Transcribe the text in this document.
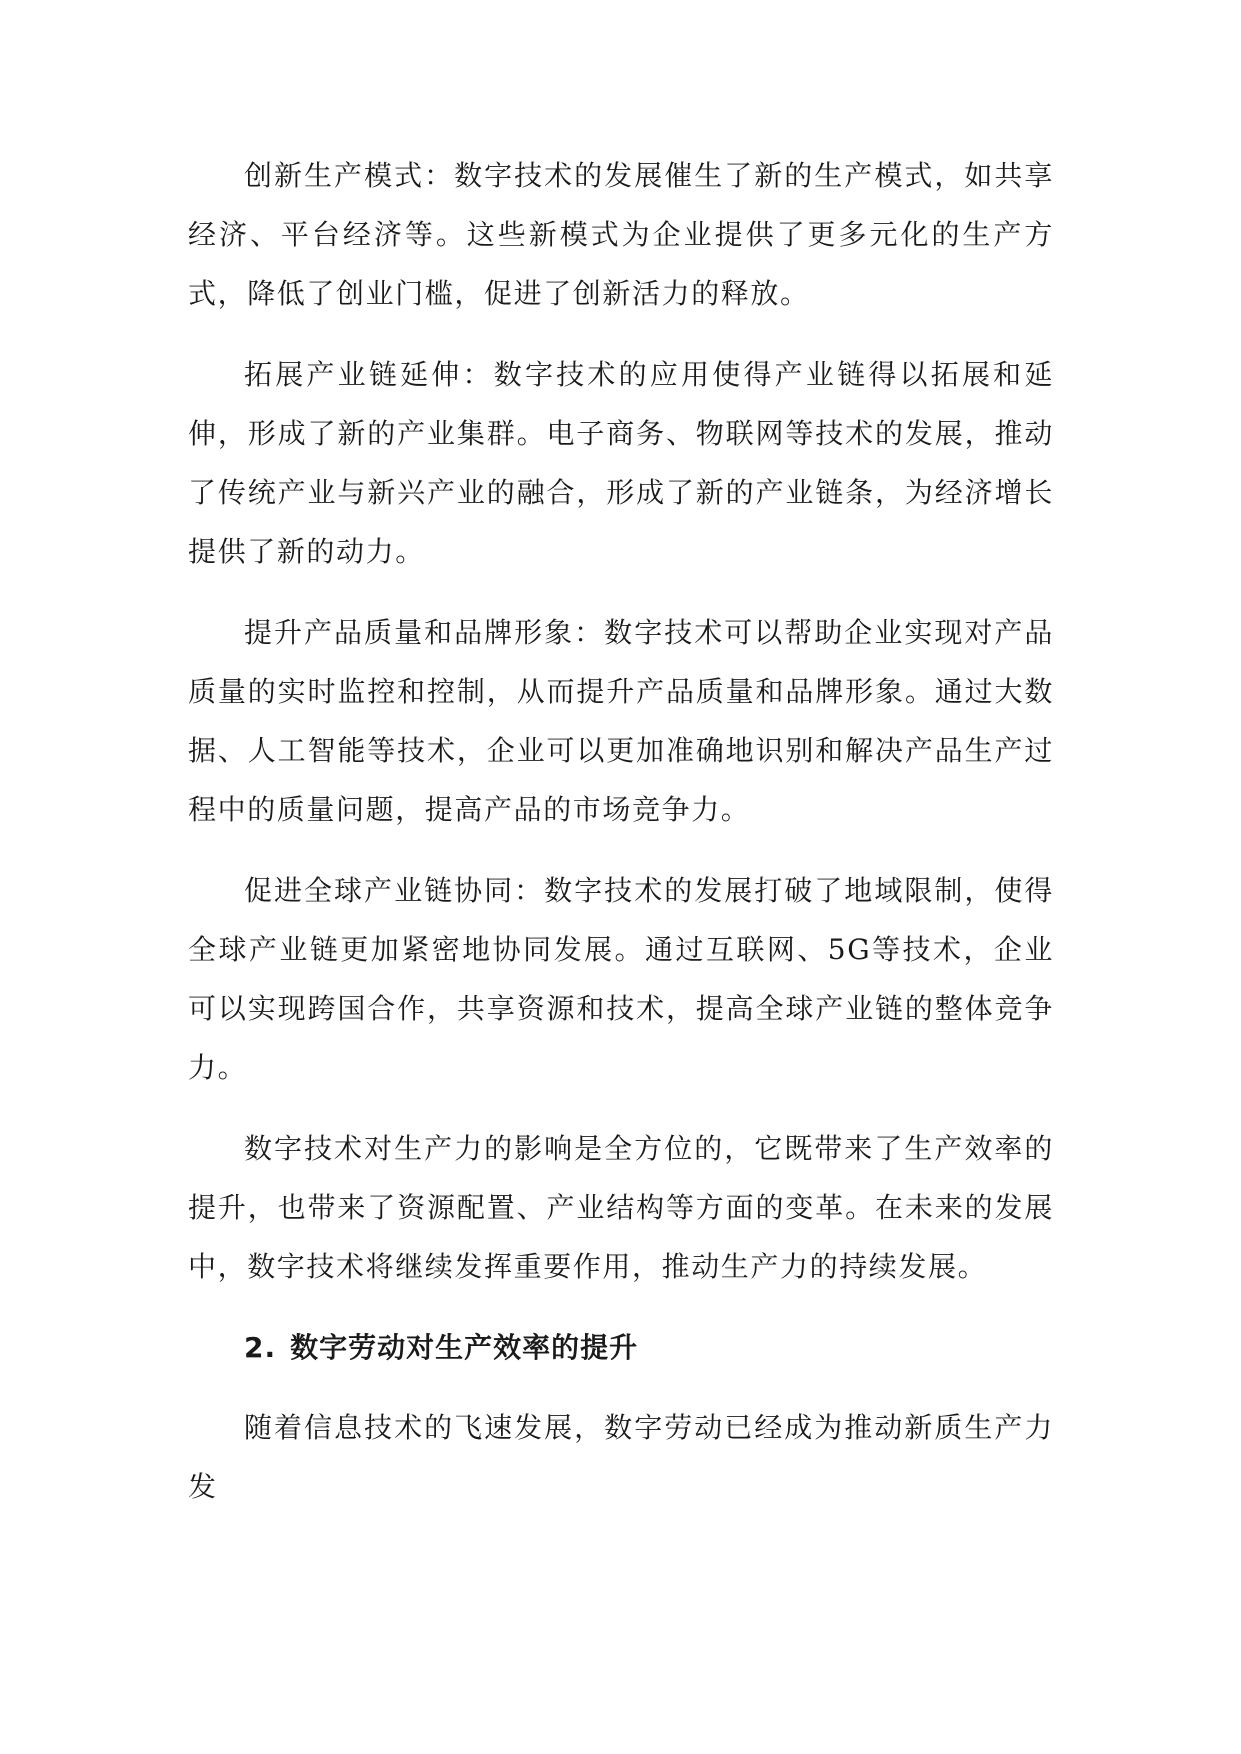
创新生产模式：数字技术的发展催生了新的生产模式，如共享经济、平台经济等。这些新模式为企业提供了更多元化的生产方式，降低了创业门槛，促进了创新活力的释放。

拓展产业链延伸：数字技术的应用使得产业链得以拓展和延伸，形成了新的产业集群。电子商务、物联网等技术的发展，推动了传统产业与新兴产业的融合，形成了新的产业链条，为经济增长提供了新的动力。

提升产品质量和品牌形象：数字技术可以帮助企业实现对产品质量的实时监控和控制，从而提升产品质量和品牌形象。通过大数据、人工智能等技术，企业可以更加准确地识别和解决产品生产过程中的质量问题，提高产品的市场竞争力。

促进全球产业链协同：数字技术的发展打破了地域限制，使得全球产业链更加紧密地协同发展。通过互联网、5G等技术，企业可以实现跨国合作，共享资源和技术，提高全球产业链的整体竞争力。

数字技术对生产力的影响是全方位的，它既带来了生产效率的提升，也带来了资源配置、产业结构等方面的变革。在未来的发展中，数字技术将继续发挥重要作用，推动生产力的持续发展。

2. 数字劳动对生产效率的提升

随着信息技术的飞速发展，数字劳动已经成为推动新质生产力发
